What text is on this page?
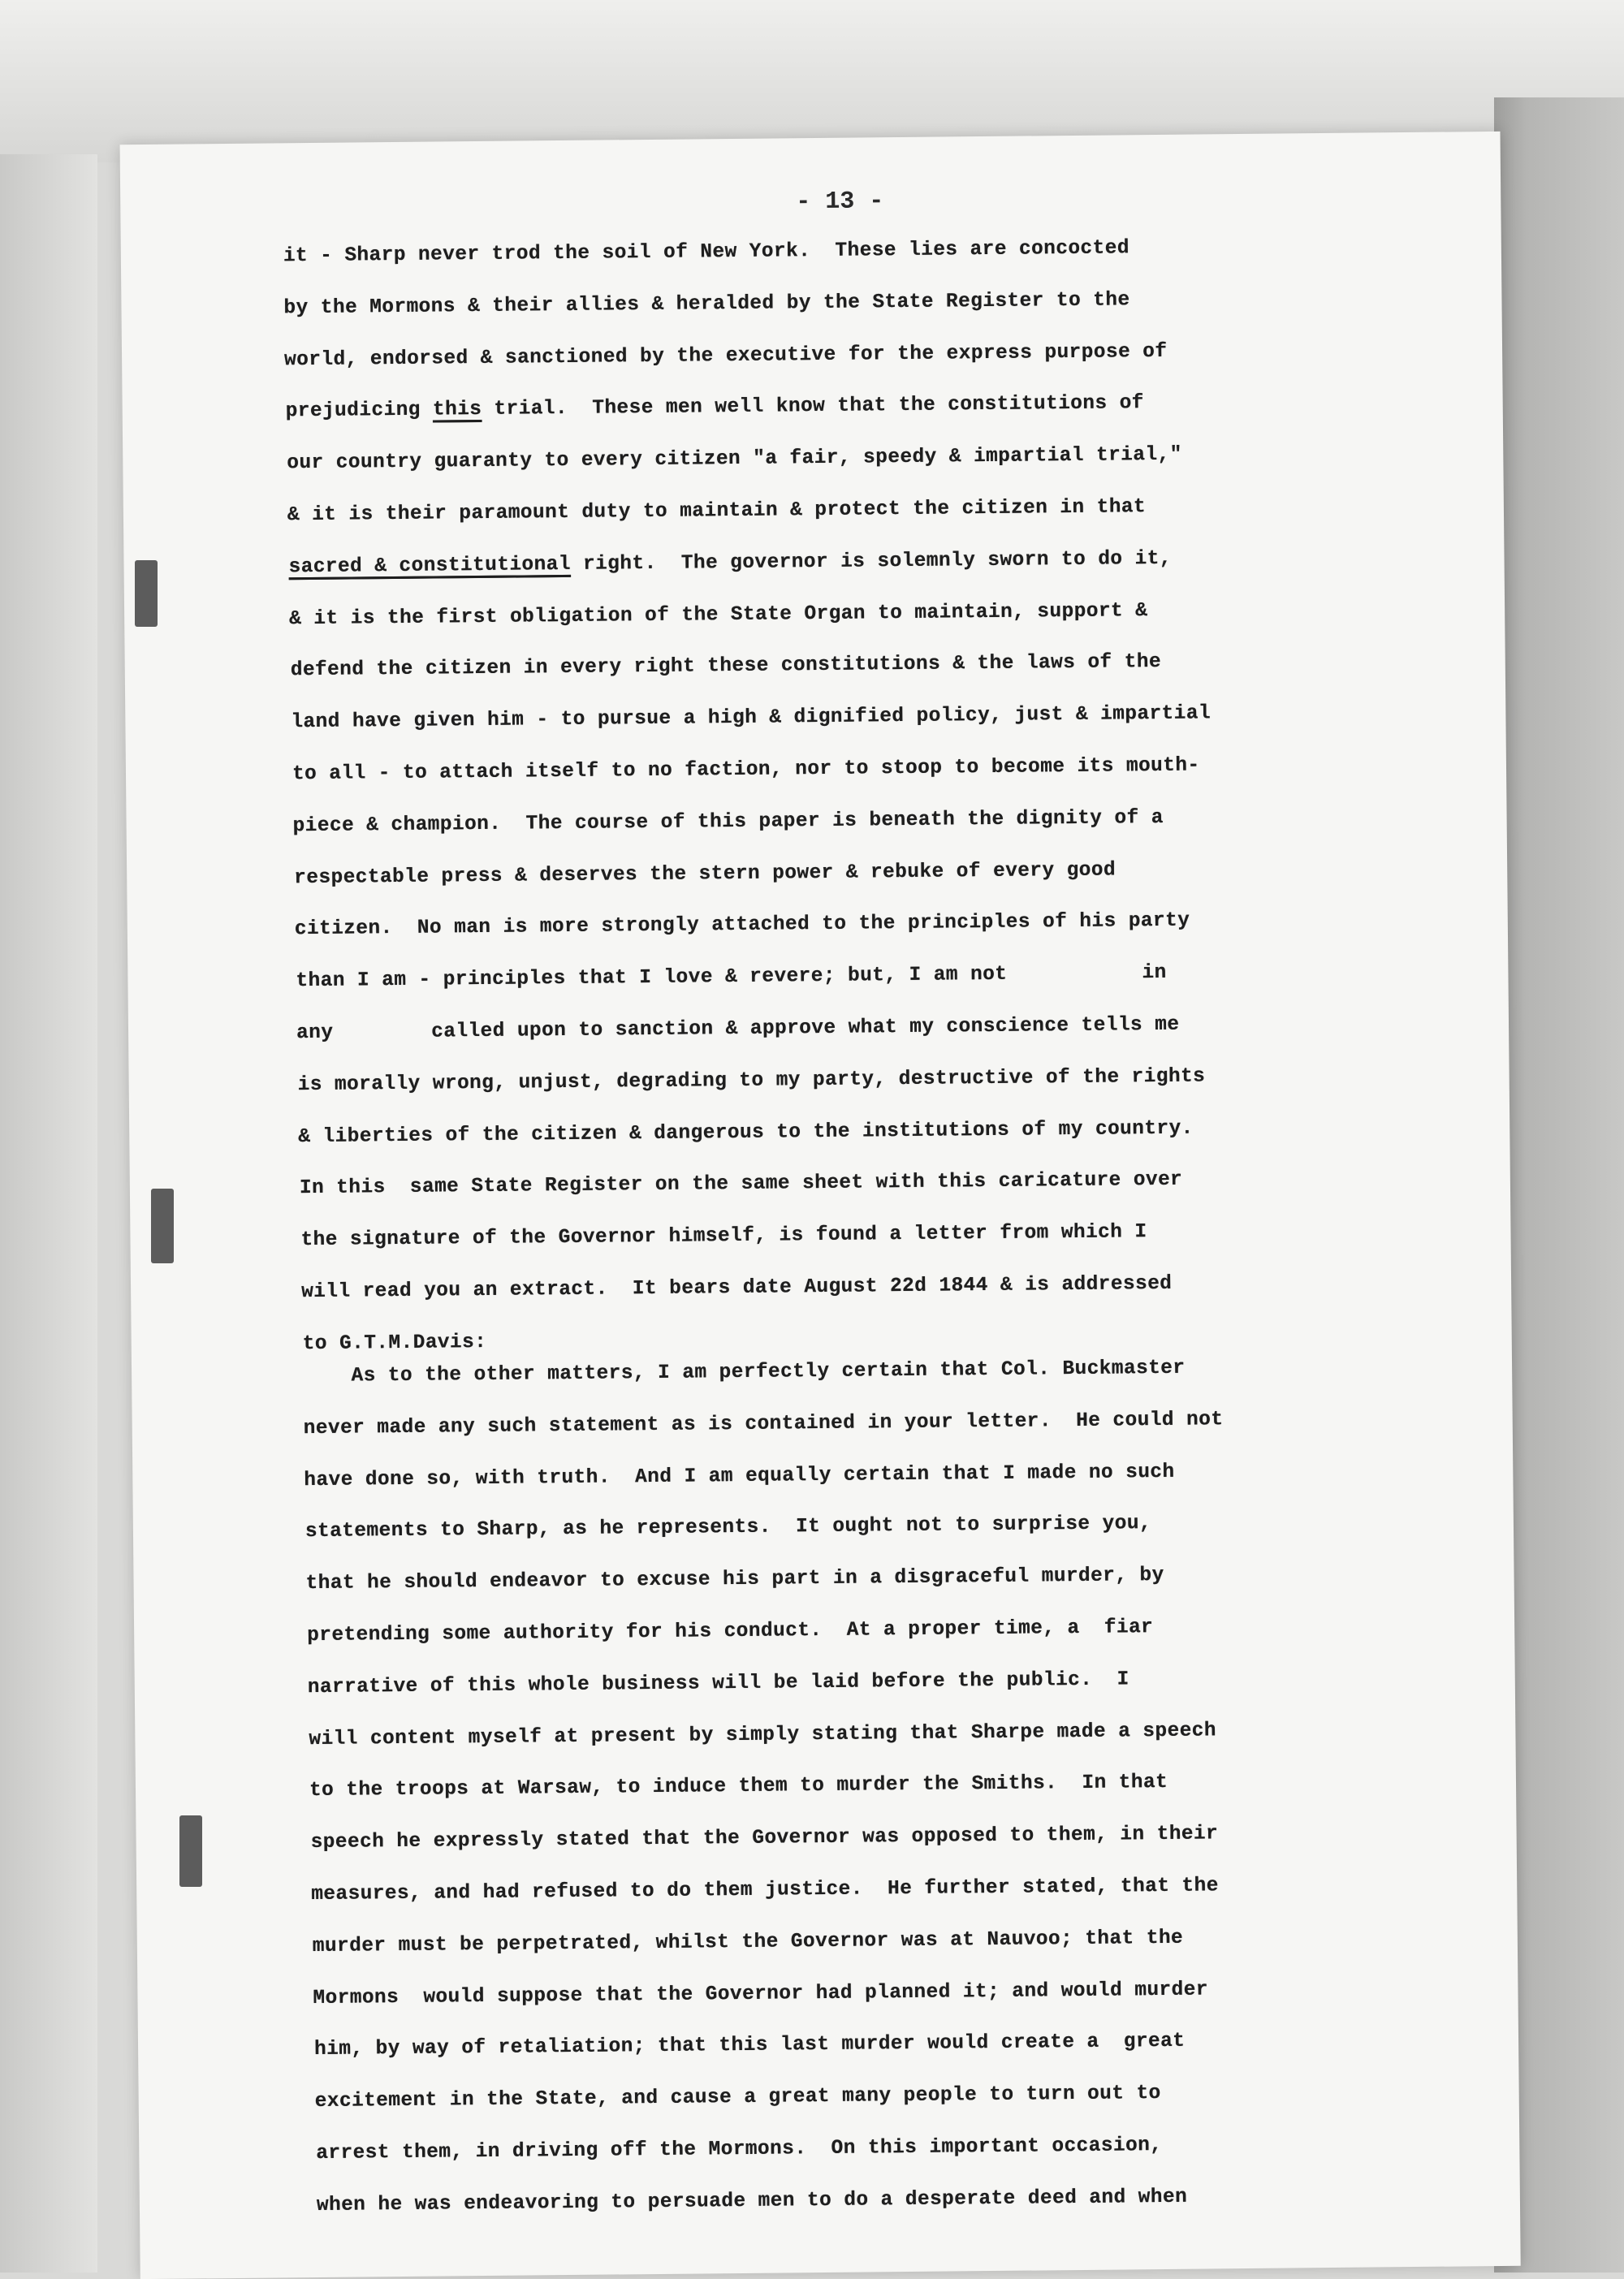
- 13 -

it - Sharp never trod the soil of New York.  These lies are concocted

by the Mormons & their allies & heralded by the State Register to the

world, endorsed & sanctioned by the executive for the express purpose of

prejudicing this trial.  These men well know that the constitutions of

our country guaranty to every citizen "a fair, speedy & impartial trial,"

& it is their paramount duty to maintain & protect the citizen in that

sacred & constitutional right.  The governor is solemnly sworn to do it,

& it is the first obligation of the State Organ to maintain, support &

defend the citizen in every right these constitutions & the laws of the

land have given him - to pursue a high & dignified policy, just & impartial

to all - to attach itself to no faction, nor to stoop to become its mouth-

piece & champion.  The course of this paper is beneath the dignity of a

respectable press & deserves the stern power & rebuke of every good

citizen.  No man is more strongly attached to the principles of his party

than I am - principles that I love & revere; but, I am not           in

any        called upon to sanction & approve what my conscience tells me

is morally wrong, unjust, degrading to my party, destructive of the rights

& liberties of the citizen & dangerous to the institutions of my country.

In this  same State Register on the same sheet with this caricature over

the signature of the Governor himself, is found a letter from which I

will read you an extract.  It bears date August 22d 1844 & is addressed

to G.T.M.Davis:

As to the other matters, I am perfectly certain that Col. Buckmaster

never made any such statement as is contained in your letter.  He could not

have done so, with truth.  And I am equally certain that I made no such

statements to Sharp, as he represents.  It ought not to surprise you,

that he should endeavor to excuse his part in a disgraceful murder, by

pretending some authority for his conduct.  At a proper time, a  fiar

narrative of this whole business will be laid before the public.  I

will content myself at present by simply stating that Sharpe made a speech

to the troops at Warsaw, to induce them to murder the Smiths.  In that

speech he expressly stated that the Governor was opposed to them, in their

measures, and had refused to do them justice.  He further stated, that the

murder must be perpetrated, whilst the Governor was at Nauvoo; that the

Mormons  would suppose that the Governor had planned it; and would murder

him, by way of retaliation; that this last murder would create a  great

excitement in the State, and cause a great many people to turn out to

arrest them, in driving off the Mormons.  On this important occasion,

when he was endeavoring to persuade men to do a desperate deed and when
